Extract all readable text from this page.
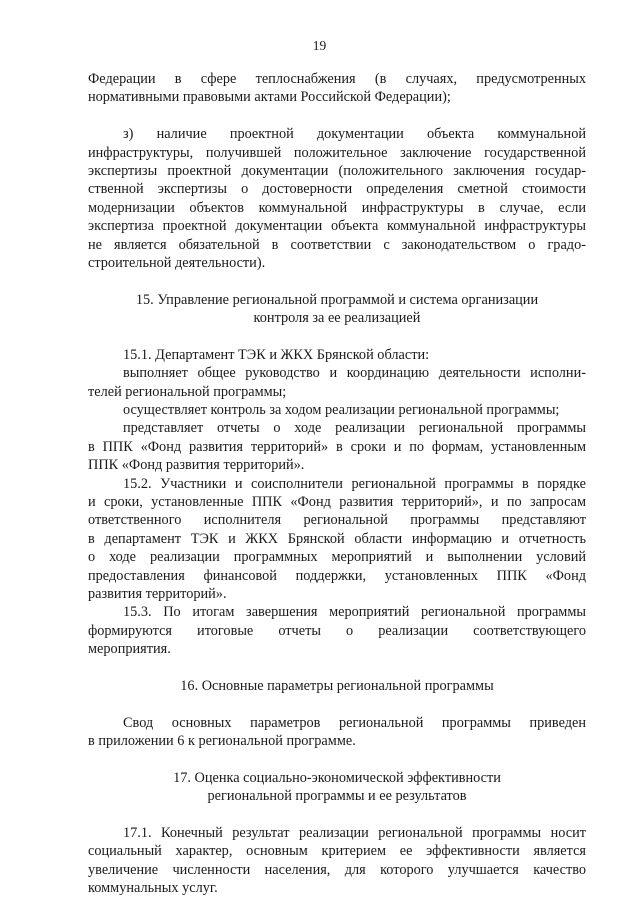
19
Федерации в сфере теплоснабжения (в случаях, предусмотренных
нормативными правовыми актами Российской Федерации);
з) наличие проектной документации объекта коммунальной
инфраструктуры, получившей положительное заключение государственной
экспертизы проектной документации (положительного заключения государ-
ственной экспертизы о достоверности определения сметной стоимости
модернизации объектов коммунальной инфраструктуры в случае, если
экспертиза проектной документации объекта коммунальной инфраструктуры
не является обязательной в соответствии с законодательством о градо-
строительной деятельности).
15. Управление региональной программой и система организации
контроля за ее реализацией
15.1. Департамент ТЭК и ЖКХ Брянской области:
выполняет общее руководство и координацию деятельности исполни-
телей региональной программы;
осуществляет контроль за ходом реализации региональной программы;
представляет отчеты о ходе реализации региональной программы
в ППК «Фонд развития территорий» в сроки и по формам, установленным
ППК «Фонд развития территорий».
15.2. Участники и соисполнители региональной программы в порядке
и сроки, установленные ППК «Фонд развития территорий», и по запросам
ответственного исполнителя региональной программы представляют
в департамент ТЭК и ЖКХ Брянской области информацию и отчетность
о ходе реализации программных мероприятий и выполнении условий
предоставления финансовой поддержки, установленных ППК «Фонд
развития территорий».
15.3. По итогам завершения мероприятий региональной программы
формируются итоговые отчеты о реализации соответствующего
мероприятия.
16. Основные параметры региональной программы
Свод основных параметров региональной программы приведен
в приложении 6 к региональной программе.
17. Оценка социально-экономической эффективности
региональной программы и ее результатов
17.1. Конечный результат реализации региональной программы носит
социальный характер, основным критерием ее эффективности является
увеличение численности населения, для которого улучшается качество
коммунальных услуг.
